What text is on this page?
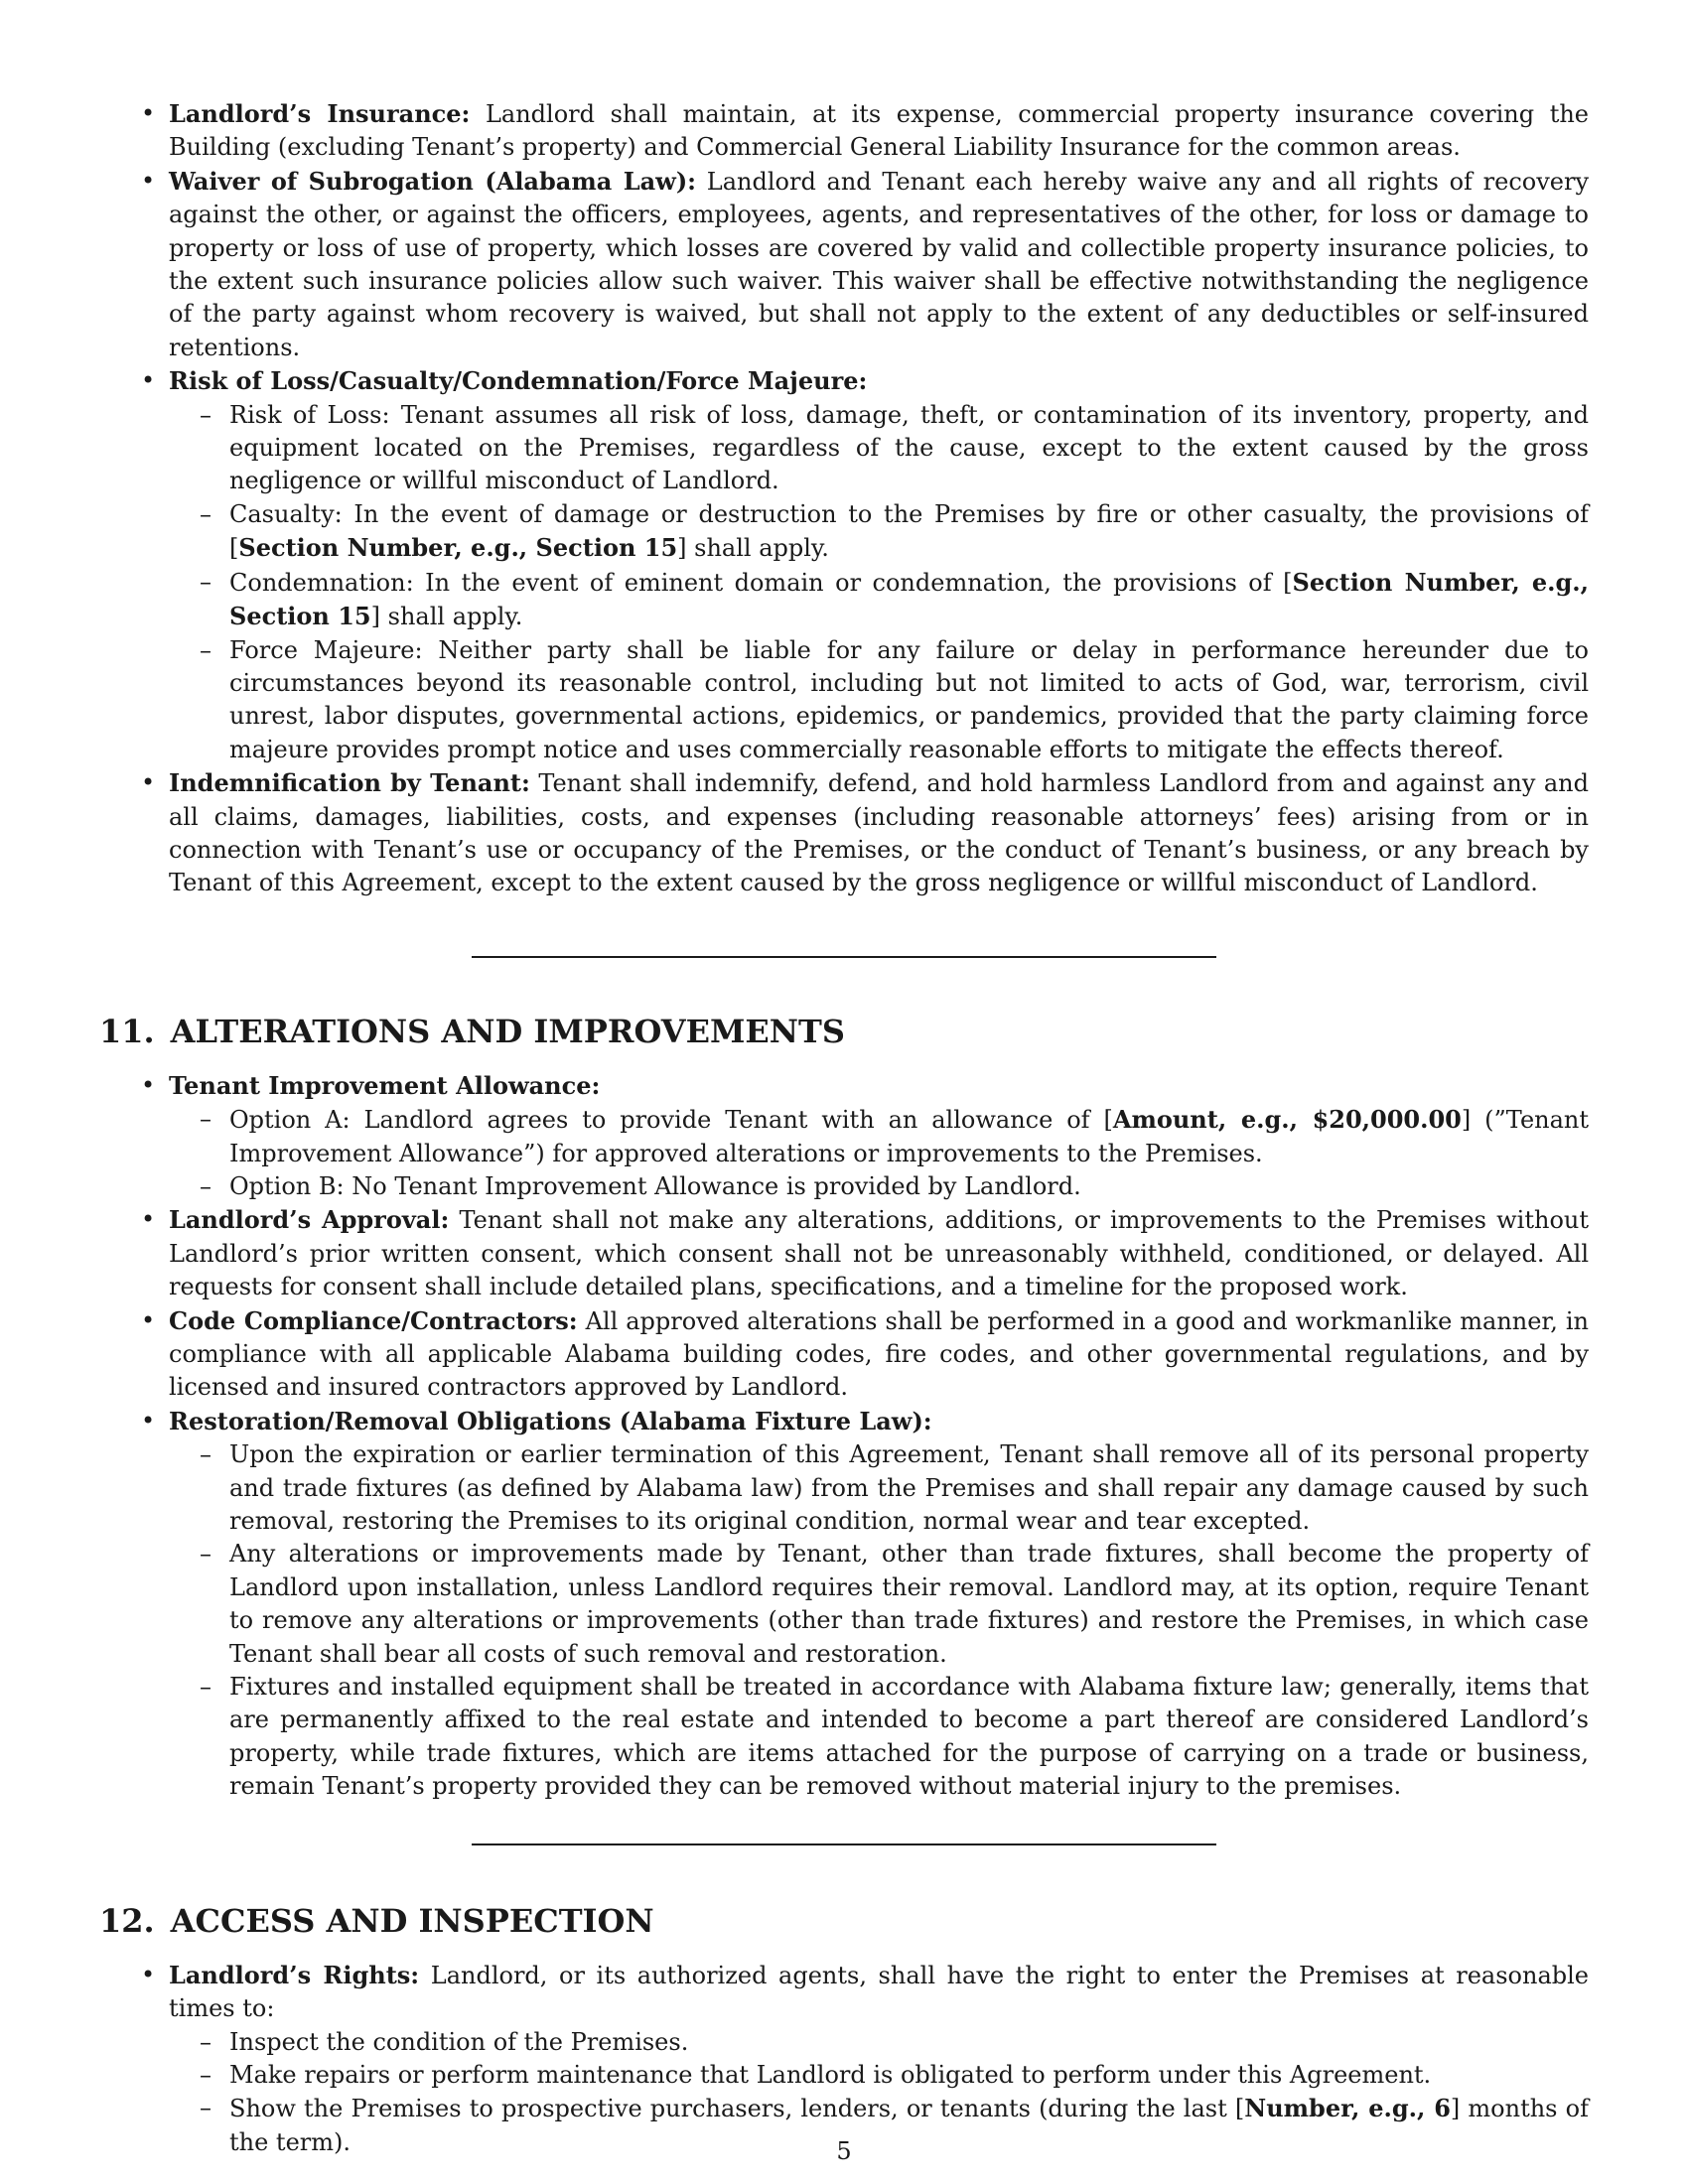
• Landlord’s Insurance: Landlord shall maintain, at its expense, commercial property insurance covering the Building (excluding Tenant’s property) and Commercial General Liability Insurance for the common areas.
• Waiver of Subrogation (Alabama Law): Landlord and Tenant each hereby waive any and all rights of recovery against the other, or against the officers, employees, agents, and representatives of the other, for loss or damage to property or loss of use of property, which losses are covered by valid and collectible property insurance policies, to the extent such insurance policies allow such waiver. This waiver shall be effective notwithstanding the negligence of the party against whom recovery is waived, but shall not apply to the extent of any deductibles or self-insured retentions.
• Risk of Loss/Casualty/Condemnation/Force Majeure:
– Risk of Loss: Tenant assumes all risk of loss, damage, theft, or contamination of its inventory, property, and equipment located on the Premises, regardless of the cause, except to the extent caused by the gross negligence or willful misconduct of Landlord.
– Casualty: In the event of damage or destruction to the Premises by fire or other casualty, the provisions of [Section Number, e.g., Section 15] shall apply.
– Condemnation: In the event of eminent domain or condemnation, the provisions of [Section Number, e.g., Section 15] shall apply.
– Force Majeure: Neither party shall be liable for any failure or delay in performance hereunder due to circumstances beyond its reasonable control, including but not limited to acts of God, war, terrorism, civil unrest, labor disputes, governmental actions, epidemics, or pandemics, provided that the party claiming force majeure provides prompt notice and uses commercially reasonable efforts to mitigate the effects thereof.
• Indemnification by Tenant: Tenant shall indemnify, defend, and hold harmless Landlord from and against any and all claims, damages, liabilities, costs, and expenses (including reasonable attorneys’ fees) arising from or in connection with Tenant’s use or occupancy of the Premises, or the conduct of Tenant’s business, or any breach by Tenant of this Agreement, except to the extent caused by the gross negligence or willful misconduct of Landlord.
11. ALTERATIONS AND IMPROVEMENTS
• Tenant Improvement Allowance:
– Option A: Landlord agrees to provide Tenant with an allowance of [Amount, e.g., $20,000.00] (”Tenant Improvement Allowance”) for approved alterations or improvements to the Premises.
– Option B: No Tenant Improvement Allowance is provided by Landlord.
• Landlord’s Approval: Tenant shall not make any alterations, additions, or improvements to the Premises without Landlord’s prior written consent, which consent shall not be unreasonably withheld, conditioned, or delayed. All requests for consent shall include detailed plans, specifications, and a timeline for the proposed work.
• Code Compliance/Contractors: All approved alterations shall be performed in a good and workmanlike manner, in compliance with all applicable Alabama building codes, fire codes, and other governmental regulations, and by licensed and insured contractors approved by Landlord.
• Restoration/Removal Obligations (Alabama Fixture Law):
– Upon the expiration or earlier termination of this Agreement, Tenant shall remove all of its personal property and trade fixtures (as defined by Alabama law) from the Premises and shall repair any damage caused by such removal, restoring the Premises to its original condition, normal wear and tear excepted.
– Any alterations or improvements made by Tenant, other than trade fixtures, shall become the property of Landlord upon installation, unless Landlord requires their removal. Landlord may, at its option, require Tenant to remove any alterations or improvements (other than trade fixtures) and restore the Premises, in which case Tenant shall bear all costs of such removal and restoration.
– Fixtures and installed equipment shall be treated in accordance with Alabama fixture law; generally, items that are permanently affixed to the real estate and intended to become a part thereof are considered Landlord’s property, while trade fixtures, which are items attached for the purpose of carrying on a trade or business, remain Tenant’s property provided they can be removed without material injury to the premises.
12. ACCESS AND INSPECTION
• Landlord’s Rights: Landlord, or its authorized agents, shall have the right to enter the Premises at reasonable times to:
– Inspect the condition of the Premises.
– Make repairs or perform maintenance that Landlord is obligated to perform under this Agreement.
– Show the Premises to prospective purchasers, lenders, or tenants (during the last [Number, e.g., 6] months of the term).	5
